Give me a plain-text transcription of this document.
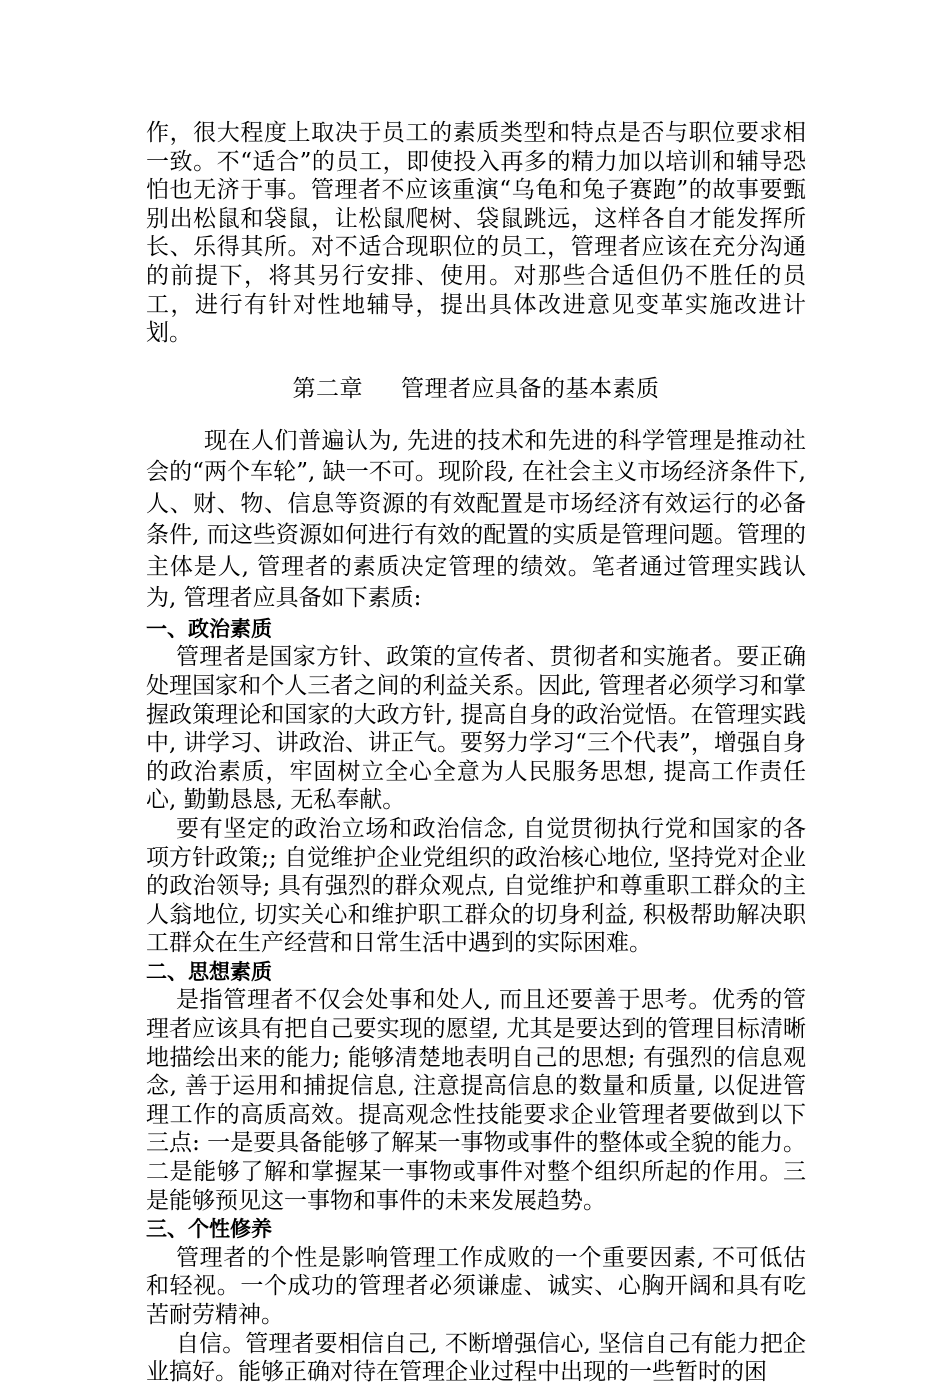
作，很大程度上取决于员工的素质类型和特点是否与职位要求相一致。不“适合”的员工，即使投入再多的精力加以培训和辅导恐怕也无济于事。管理者不应该重演“乌龟和兔子赛跑”的故事要甄别出松鼠和袋鼠，让松鼠爬树、袋鼠跳远，这样各自才能发挥所长、乐得其所。对不适合现职位的员工，管理者应该在充分沟通的前提下，将其另行安排、使用。对那些合适但仍不胜任的员工，进行有针对性地辅导，提出具体改进意见变革实施改进计划。

第二章 管理者应具备的基本素质

现在人们普遍认为, 先进的技术和先进的科学管理是推动社会的“两个车轮”, 缺一不可。现阶段, 在社会主义市场经济条件下, 人、财、物、信息等资源的有效配置是市场经济有效运行的必备条件, 而这些资源如何进行有效的配置的实质是管理问题。管理的主体是人, 管理者的素质决定管理的绩效。笔者通过管理实践认为, 管理者应具备如下素质:

一、政治素质

管理者是国家方针、政策的宣传者、贯彻者和实施者。要正确处理国家和个人三者之间的利益关系。因此, 管理者必须学习和掌握政策理论和国家的大政方针, 提高自身的政治觉悟。在管理实践中, 讲学习、讲政治、讲正气。要努力学习“三个代表”，增强自身的政治素质，牢固树立全心全意为人民服务思想, 提高工作责任心, 勤勤恳恳, 无私奉献。

要有坚定的政治立场和政治信念, 自觉贯彻执行党和国家的各项方针政策;; 自觉维护企业党组织的政治核心地位, 坚持党对企业的政治领导; 具有强烈的群众观点, 自觉维护和尊重职工群众的主人翁地位, 切实关心和维护职工群众的切身利益, 积极帮助解决职工群众在生产经营和日常生活中遇到的实际困难。

二、思想素质

是指管理者不仅会处事和处人, 而且还要善于思考。优秀的管理者应该具有把自己要实现的愿望, 尤其是要达到的管理目标清晰地描绘出来的能力; 能够清楚地表明自己的思想; 有强烈的信息观念, 善于运用和捕捉信息, 注意提高信息的数量和质量, 以促进管理工作的高质高效。提高观念性技能要求企业管理者要做到以下三点: 一是要具备能够了解某一事物或事件的整体或全貌的能力。二是能够了解和掌握某一事物或事件对整个组织所起的作用。三是能够预见这一事物和事件的未来发展趋势。

三、个性修养

管理者的个性是影响管理工作成败的一个重要因素, 不可低估和轻视。一个成功的管理者必须谦虚、诚实、心胸开阔和具有吃苦耐劳精神。

自信。管理者要相信自己, 不断增强信心, 坚信自己有能力把企业搞好。能够正确对待在管理企业过程中出现的一些暂时的困
